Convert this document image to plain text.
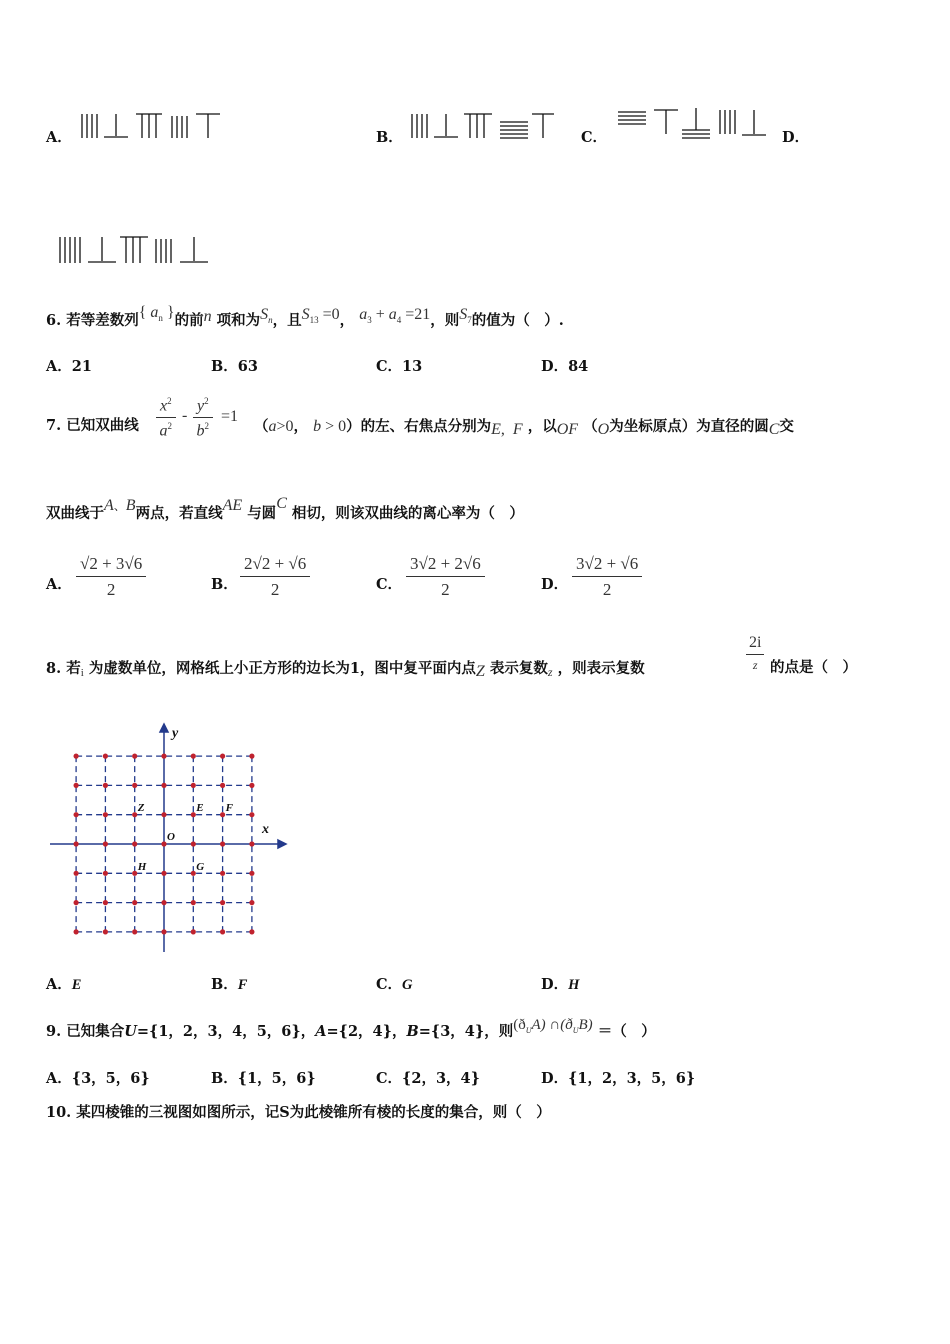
A．	B．	C．	D．
6. 若等差数列{ $a_n$ }的前n 项和为$S_n$，且$S_{13} =0$， $a_3 + a_4 =21$，则$S_7$的值为（　）.
A．21	B．63	C．13	D．84
7. 已知双曲线 $\frac{x^2}{a^2} - \frac{y^2}{b^2} =1$
（a>0， b > 0）的左、右焦点分别为E, F ，以OF （O为坐标原点）为直径的圆C交
双曲线于A、B两点，若直线AE 与圆C 相切，则该双曲线的离心率为（　）
A． $\frac{√2 + 3√6}{2}$	B． $\frac{2√2 + √6}{2}$	C． $\frac{3√2 + 2√6}{2}$	D． $\frac{3√2 + √6}{2}$
8. 若$_i$ 为虚数单位，网格纸上小正方形的边长为1，图中复平面内点Z 表示复数$_z$ ，则表示复数
2i
z 的点是（　）
x
y
O
Z	E F
H	G
A．E	B．F	C．G	D．H
9. 已知集合U={1，2，3，4，5，6}，A={2，4}，B={3，4}，则$(ð_UA)$ $\cap(ð_UB)$ ＝（　）
A．{3，5，6}	B．{1，5，6}	C．{2，3，4}	D．{1，2，3，5，6}
10. 某四棱锥的三视图如图所示，记S为此棱锥所有棱的长度的集合，则（　）
